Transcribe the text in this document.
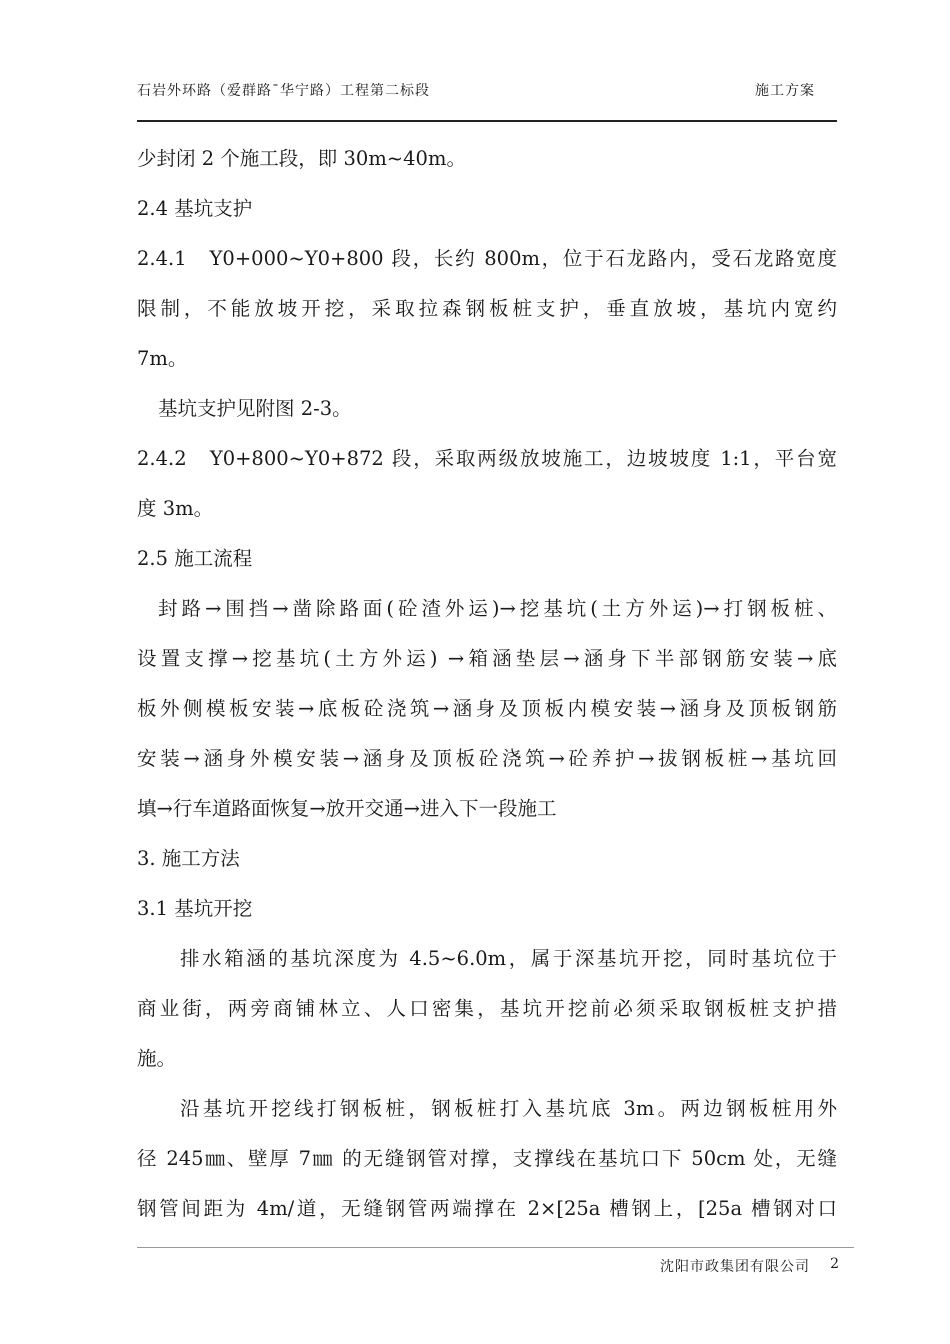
石岩外环路（爱群路¯华宁路）工程第二标段	施工方案

少封闭 2 个施工段，即 30m~40m。

2.4 基坑支护

2.4.1　Y0+000~Y0+800 段，长约 800m，位于石龙路内，受石龙路宽度

限制，不能放坡开挖，采取拉森钢板桩支护，垂直放坡，基坑内宽约

7m。

基坑支护见附图 2-3。

2.4.2　Y0+800~Y0+872 段，采取两级放坡施工，边坡坡度 1:1，平台宽

度 3m。

2.5 施工流程

封路→围挡→凿除路面(砼渣外运)→挖基坑(土方外运)→打钢板桩、

设置支撑→挖基坑(土方外运) →箱涵垫层→涵身下半部钢筋安装→底

板外侧模板安装→底板砼浇筑→涵身及顶板内模安装→涵身及顶板钢筋

安装→涵身外模安装→涵身及顶板砼浇筑→砼养护→拔钢板桩→基坑回

填→行车道路面恢复→放开交通→进入下一段施工

3. 施工方法

3.1 基坑开挖

排水箱涵的基坑深度为 4.5~6.0m，属于深基坑开挖，同时基坑位于

商业街，两旁商铺林立、人口密集，基坑开挖前必须采取钢板桩支护措

施。

沿基坑开挖线打钢板桩，钢板桩打入基坑底 3m。两边钢板桩用外

径 245㎜、壁厚 7㎜ 的无缝钢管对撑，支撑线在基坑口下 50cm 处，无缝

钢管间距为 4m/道，无缝钢管两端撑在 2×[25a 槽钢上，[25a 槽钢对口

沈阳市政集团有限公司 2
